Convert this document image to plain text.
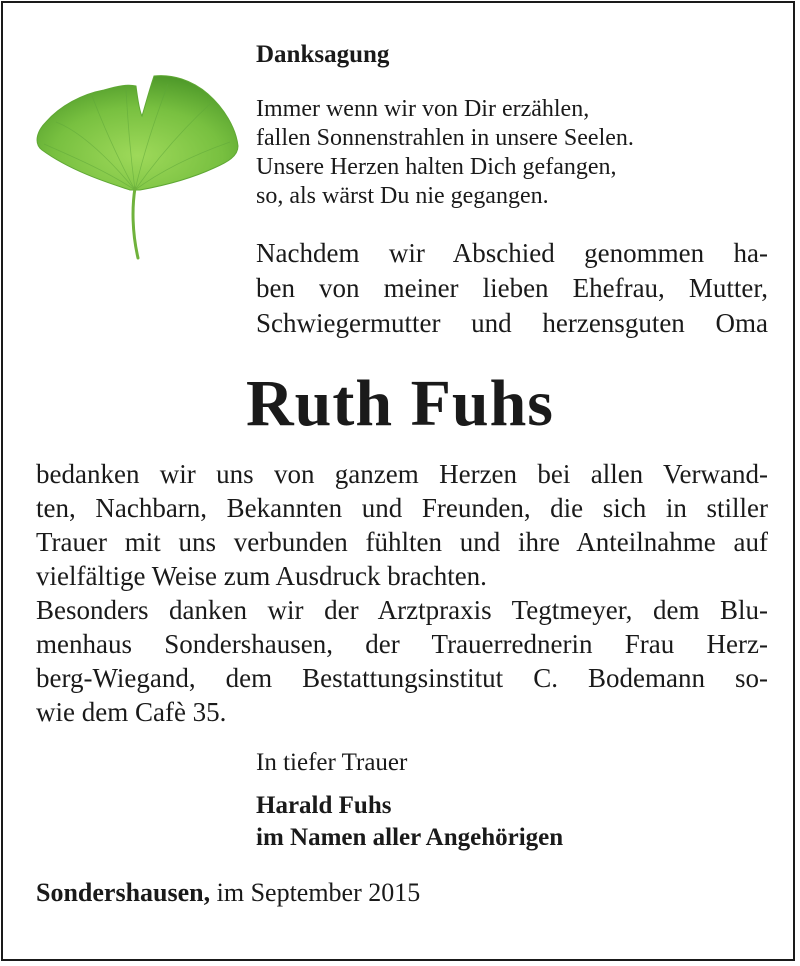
Danksagung
Immer wenn wir von Dir erzählen,
fallen Sonnenstrahlen in unsere Seelen.
Unsere Herzen halten Dich gefangen,
so, als wärst Du nie gegangen.

Nachdem wir Abschied genommen ha-
ben von meiner lieben Ehefrau, Mutter,
Schwiegermutter und herzensguten Oma

Ruth Fuhs

bedanken wir uns von ganzem Herzen bei allen Verwand-
ten, Nachbarn, Bekannten und Freunden, die sich in stiller
Trauer mit uns verbunden fühlten und ihre Anteilnahme auf
vielfältige Weise zum Ausdruck brachten.
Besonders danken wir der Arztpraxis Tegtmeyer, dem Blu-
menhaus Sondershausen, der Trauerrednerin Frau Herz-
berg-Wiegand, dem Bestattungsinstitut C. Bodemann so-
wie dem Cafè 35.

In tiefer Trauer
Harald Fuhs
im Namen aller Angehörigen
Sondershausen, im September 2015
